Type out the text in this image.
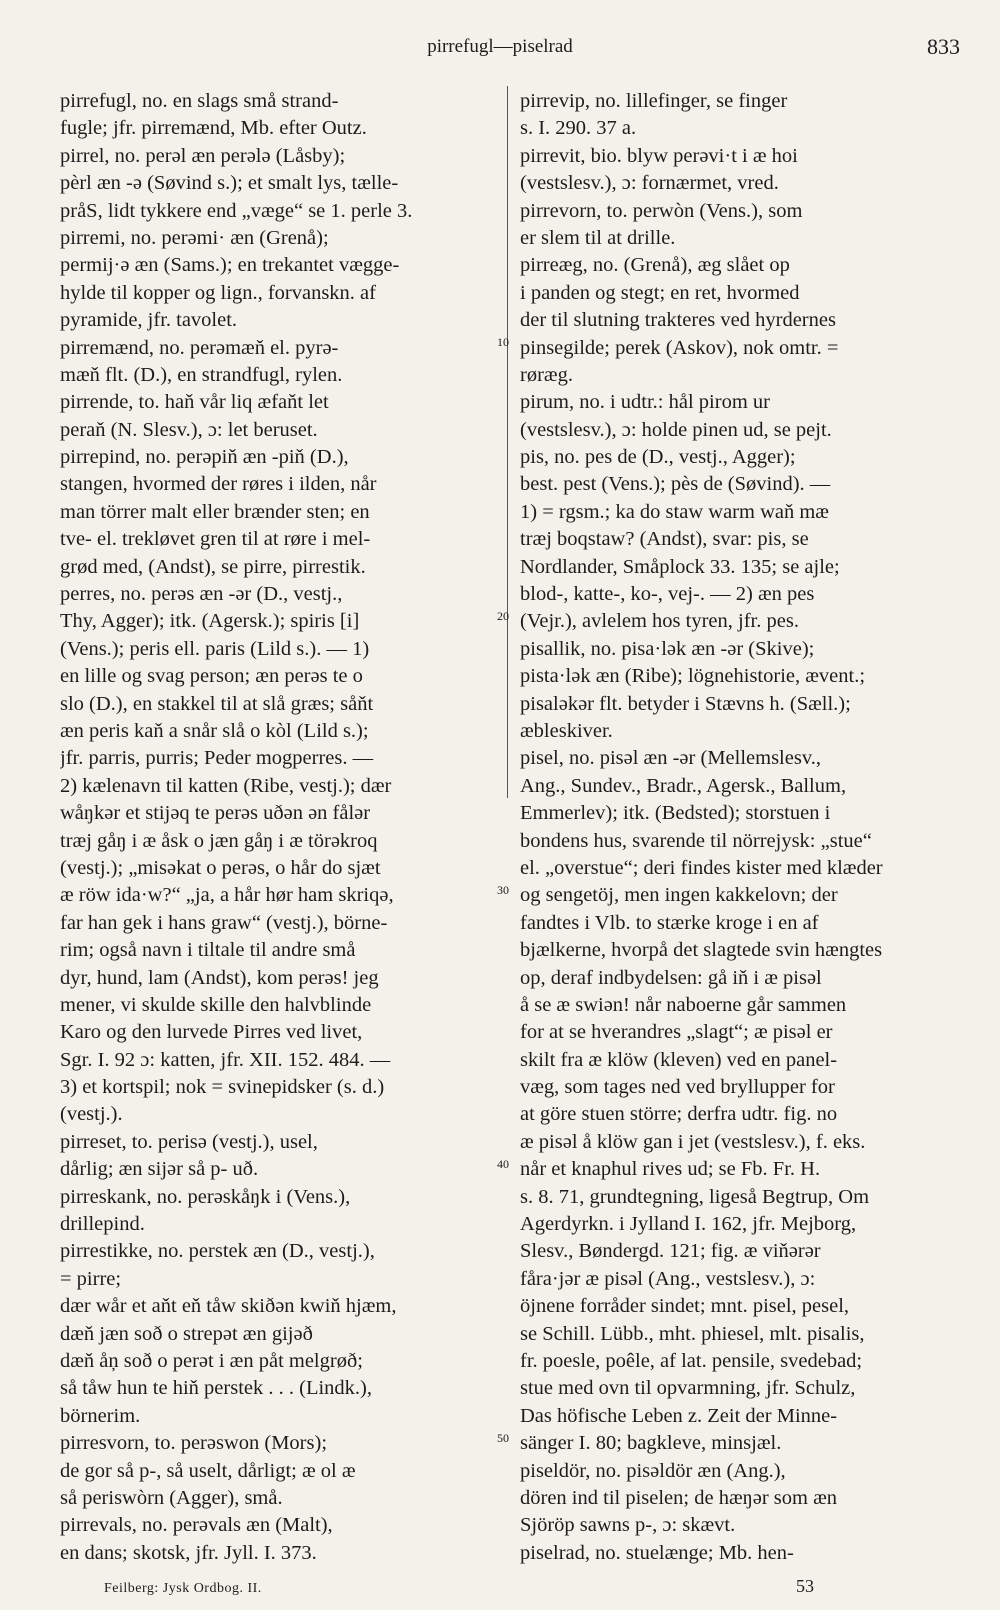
pirrefugl—piselrad	833
pirrefugl, no. en slags små strand-
fugle; jfr. pirremænd, Mb. efter Outz.
pirrel, no. perəl æn perələ (Låsby);
pèrl æn -ə (Søvind s.); et smalt lys, tælle-
pråS, lidt tykkere end „væge“ se 1. perle 3.
pirremi, no. perəmi· æn (Grenå);
permij·ə æn (Sams.); en trekantet vægge-
hylde til kopper og lign., forvanskn. af
pyramide, jfr. tavolet.
pirremænd, no. perəmæň el. pyrə-
mæň flt. (D.), en strandfugl, rylen.
pirrende, to. haň vår liq æfaňt let
peraň (N. Slesv.), ɔ: let beruset.
pirrepind, no. perəpiň æn -piň (D.),
stangen, hvormed der røres i ilden, når
man törrer malt eller brænder sten; en
tve- el. trekløvet gren til at røre i mel-
grød med, (Andst), se pirre, pirrestik.
perres, no. perəs æn -ər (D., vestj.,
Thy, Agger); itk. (Agersk.); spiris [i]
(Vens.); peris ell. paris (Lild s.). — 1)
en lille og svag person; æn perəs te o
slo (D.), en stakkel til at slå græs; såňt
æn peris kaň a snår slå o kòl (Lild s.);
jfr. parris, purris; Peder mogperres. —
2) kælenavn til katten (Ribe, vestj.); dær
wåŋkər et stijəq te perəs uðən ən fålər
træj gåŋ i æ åsk o jæn gåŋ i æ törəkroq
(vestj.); „misəkat o perəs, o hår do sjæt
æ röw ida·w?“ „ja, a hår hør ham skriqə,
far han gek i hans graw“ (vestj.), börne-
rim; også navn i tiltale til andre små
dyr, hund, lam (Andst), kom perəs! jeg
mener, vi skulde skille den halvblinde
Karo og den lurvede Pirres ved livet,
Sgr. I. 92 ɔ: katten, jfr. XII. 152. 484. —
3) et kortspil; nok = svinepidsker (s. d.)
(vestj.).
pirreset, to. perisə (vestj.), usel,
dårlig; æn sijər så p- uð.
pirreskank, no. perəskåŋk i (Vens.),
drillepind.
pirrestikke, no. perstek æn (D., vestj.),
= pirre;
dær wår et aňt eň tåw skiðən kwiň hjæm,
dæň jæn soð o strepət æn gijəð
dæň åņ soð o perət i æn påt melgrøð;
så tåw hun te hiň perstek . . . (Lindk.),
börnerim.
pirresvorn, to. perəswon (Mors);
de gor så p-, så uselt, dårligt; æ ol æ
så periswòrn (Agger), små.
pirrevals, no. perəvals æn (Malt),
en dans; skotsk, jfr. Jyll. I. 373.
pirrevip, no. lillefinger, se finger
s. I. 290. 37 a.
pirrevit, bio. blyw perəvi·t i æ hoi
(vestslesv.), ɔ: fornærmet, vred.
pirrevorn, to. perwòn (Vens.), som
er slem til at drille.
pirreæg, no. (Grenå), æg slået op
i panden og stegt; en ret, hvormed
der til slutning trakteres ved hyrdernes
pinsegilde; perek (Askov), nok omtr. =
røræg.
pirum, no. i udtr.: hål pirom ur
(vestslesv.), ɔ: holde pinen ud, se pejt.
pis, no. pes de (D., vestj., Agger);
best. pest (Vens.); pès de (Søvind). —
1) = rgsm.; ka do staw warm waň mæ
træj boqstaw? (Andst), svar: pis, se
Nordlander, Småplock 33. 135; se ajle;
blod-, katte-, ko-, vej-. — 2) æn pes
(Vejr.), avlelem hos tyren, jfr. pes.
pisallik, no. pisa·lək æn -ər (Skive);
pista·lək æn (Ribe); lögnehistorie, ævent.;
pisaləkər flt. betyder i Stævns h. (Sæll.);
æbleskiver.
pisel, no. pisəl æn -ər (Mellemslesv.,
Ang., Sundev., Bradr., Agersk., Ballum,
Emmerlev); itk. (Bedsted); storstuen i
bondens hus, svarende til nörrejysk: „stue“
el. „overstue“; deri findes kister med klæder
og sengetöj, men ingen kakkelovn; der
fandtes i Vlb. to stærke kroge i en af
bjælkerne, hvorpå det slagtede svin hængtes
op, deraf indbydelsen: gå iň i æ pisəl
å se æ swiən! når naboerne går sammen
for at se hverandres „slagt“; æ pisəl er
skilt fra æ klöw (kleven) ved en panel-
væg, som tages ned ved bryllupper for
at göre stuen större; derfra udtr. fig. no
æ pisəl å klöw gan i jet (vestslesv.), f. eks.
når et knaphul rives ud; se Fb. Fr. H.
s. 8. 71, grundtegning, ligeså Begtrup, Om
Agerdyrkn. i Jylland I. 162, jfr. Mejborg,
Slesv., Bøndergd. 121; fig. æ viňərər
fåra·jər æ pisəl (Ang., vestslesv.), ɔ:
öjnene forråder sindet; mnt. pisel, pesel,
se Schill. Lübb., mht. phiesel, mlt. pisalis,
fr. poesle, poêle, af lat. pensile, svedebad;
stue med ovn til opvarmning, jfr. Schulz,
Das höfische Leben z. Zeit der Minne-
sänger I. 80; bagkleve, minsjæl.
piseldör, no. pisəldör æn (Ang.),
dören ind til piselen; de hæŋər som æn
Sjöröp sawns p-, ɔ: skævt.
piselrad, no. stuelænge; Mb. hen-
10
20
30
40
50
Feilberg: Jysk Ordbog. II.	53
